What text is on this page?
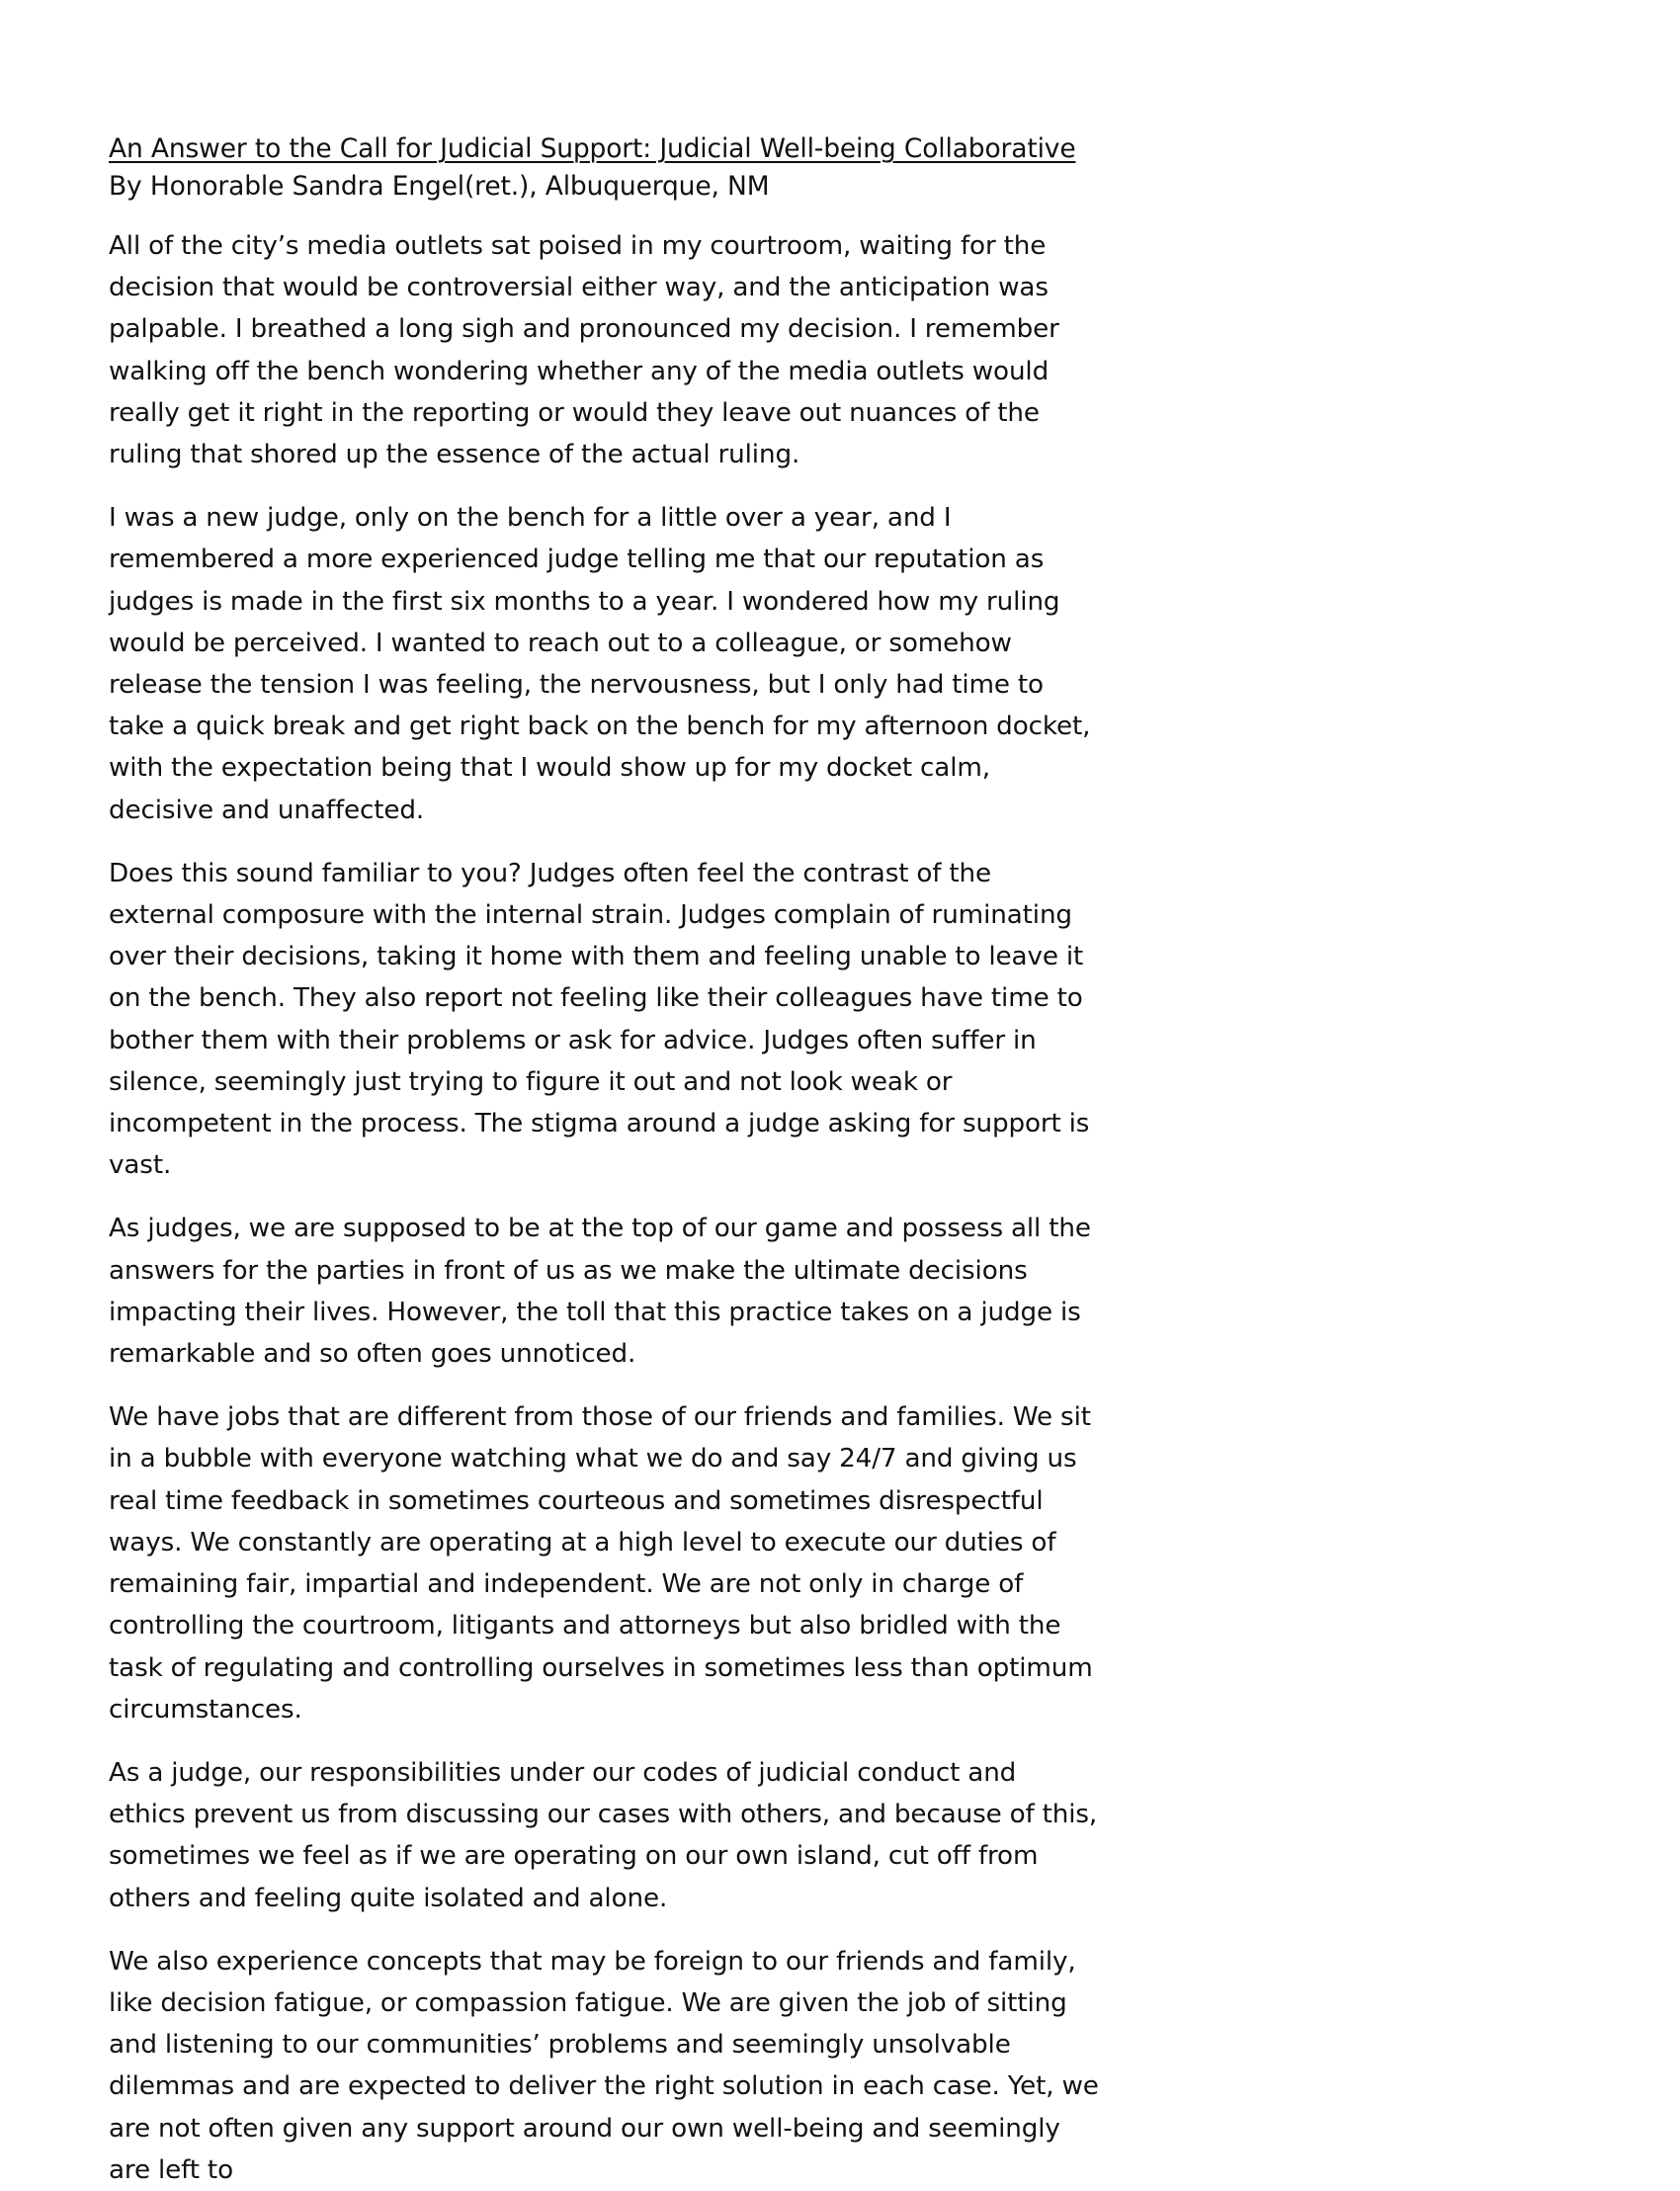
An Answer to the Call for Judicial Support: Judicial Well-being Collaborative
By Honorable Sandra Engel(ret.), Albuquerque, NM

All of the city’s media outlets sat poised in my courtroom, waiting for the decision that would be controversial either way, and the anticipation was palpable. I breathed a long sigh and pronounced my decision. I remember walking off the bench wondering whether any of the media outlets would really get it right in the reporting or would they leave out nuances of the ruling that shored up the essence of the actual ruling.

I was a new judge, only on the bench for a little over a year, and I remembered a more experienced judge telling me that our reputation as judges is made in the first six months to a year. I wondered how my ruling would be perceived. I wanted to reach out to a colleague, or somehow release the tension I was feeling, the nervousness, but I only had time to take a quick break and get right back on the bench for my afternoon docket, with the expectation being that I would show up for my docket calm, decisive and unaffected.

Does this sound familiar to you? Judges often feel the contrast of the external composure with the internal strain. Judges complain of ruminating over their decisions, taking it home with them and feeling unable to leave it on the bench. They also report not feeling like their colleagues have time to bother them with their problems or ask for advice. Judges often suffer in silence, seemingly just trying to figure it out and not look weak or incompetent in the process. The stigma around a judge asking for support is vast.

As judges, we are supposed to be at the top of our game and possess all the answers for the parties in front of us as we make the ultimate decisions impacting their lives. However, the toll that this practice takes on a judge is remarkable and so often goes unnoticed.

We have jobs that are different from those of our friends and families. We sit in a bubble with everyone watching what we do and say 24/7 and giving us real time feedback in sometimes courteous and sometimes disrespectful ways. We constantly are operating at a high level to execute our duties of remaining fair, impartial and independent. We are not only in charge of controlling the courtroom, litigants and attorneys but also bridled with the task of regulating and controlling ourselves in sometimes less than optimum circumstances.

As a judge, our responsibilities under our codes of judicial conduct and ethics prevent us from discussing our cases with others, and because of this, sometimes we feel as if we are operating on our own island, cut off from others and feeling quite isolated and alone.

We also experience concepts that may be foreign to our friends and family, like decision fatigue, or compassion fatigue. We are given the job of sitting and listening to our communities’ problems and seemingly unsolvable dilemmas and are expected to deliver the right solution in each case. Yet, we are not often given any support around our own well-being and seemingly are left to
